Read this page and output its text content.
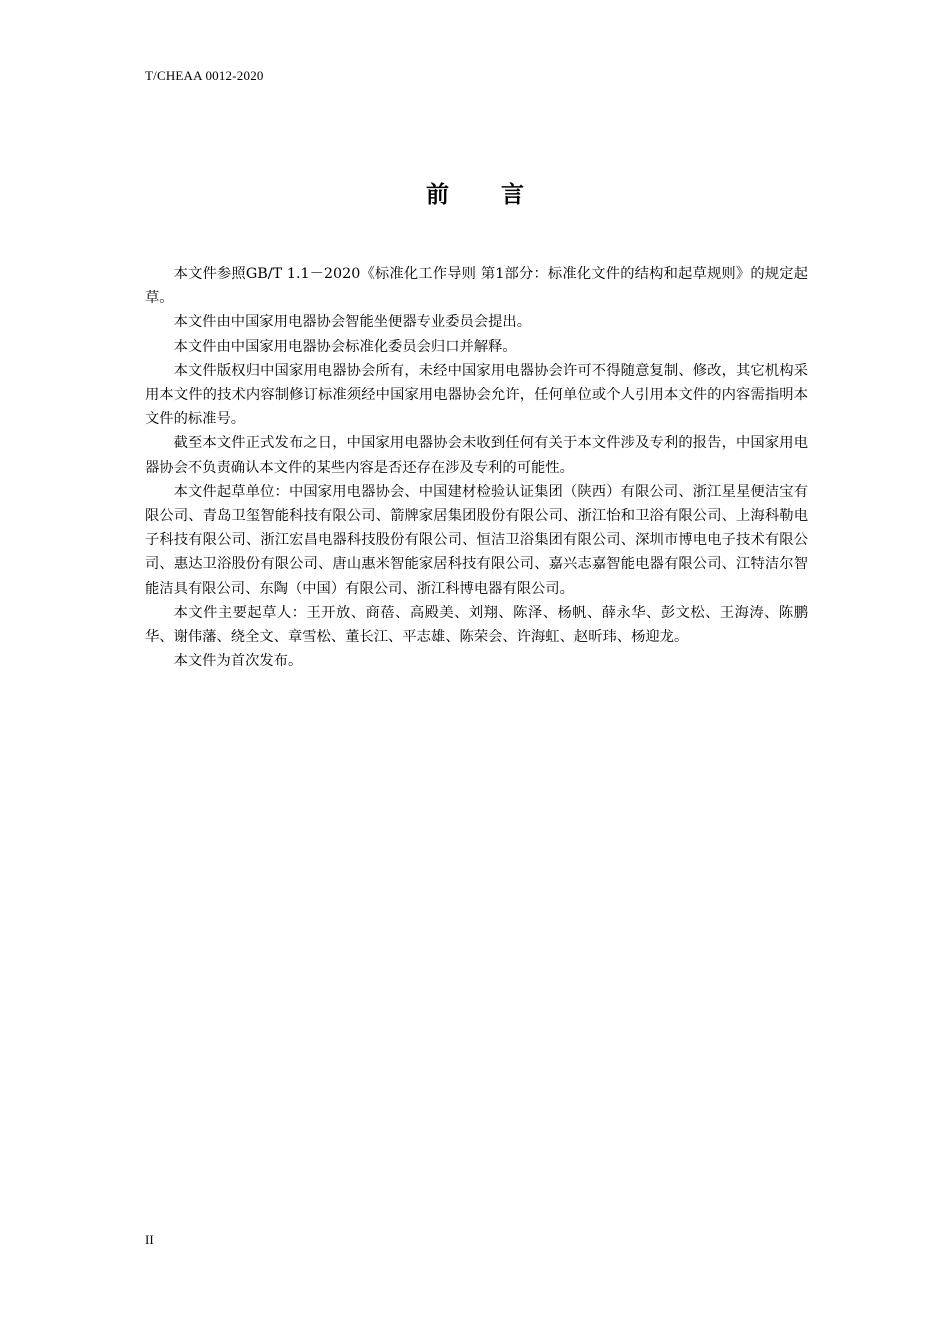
T/CHEAA 0012-2020
前 言

本文件参照GB/T 1.1－2020《标准化工作导则 第1部分：标准化文件的结构和起草规则》的规定起草。

本文件由中国家用电器协会智能坐便器专业委员会提出。

本文件由中国家用电器协会标准化委员会归口并解释。

本文件版权归中国家用电器协会所有，未经中国家用电器协会许可不得随意复制、修改，其它机构采用本文件的技术内容制修订标准须经中国家用电器协会允许，任何单位或个人引用本文件的内容需指明本文件的标准号。

截至本文件正式发布之日，中国家用电器协会未收到任何有关于本文件涉及专利的报告，中国家用电器协会不负责确认本文件的某些内容是否还存在涉及专利的可能性。

本文件起草单位：中国家用电器协会、中国建材检验认证集团（陕西）有限公司、浙江星星便洁宝有限公司、青岛卫玺智能科技有限公司、箭牌家居集团股份有限公司、浙江怡和卫浴有限公司、上海科勒电子科技有限公司、浙江宏昌电器科技股份有限公司、恒洁卫浴集团有限公司、深圳市博电电子技术有限公司、惠达卫浴股份有限公司、唐山惠米智能家居科技有限公司、嘉兴志嘉智能电器有限公司、江特洁尔智能洁具有限公司、东陶（中国）有限公司、浙江科博电器有限公司。

本文件主要起草人：王开放、商蓓、高殿美、刘翔、陈泽、杨帆、薛永华、彭文松、王海涛、陈鹏华、谢伟藩、绕全文、章雪松、董长江、平志雄、陈荣会、许海虹、赵昕玮、杨迎龙。

本文件为首次发布。

II
